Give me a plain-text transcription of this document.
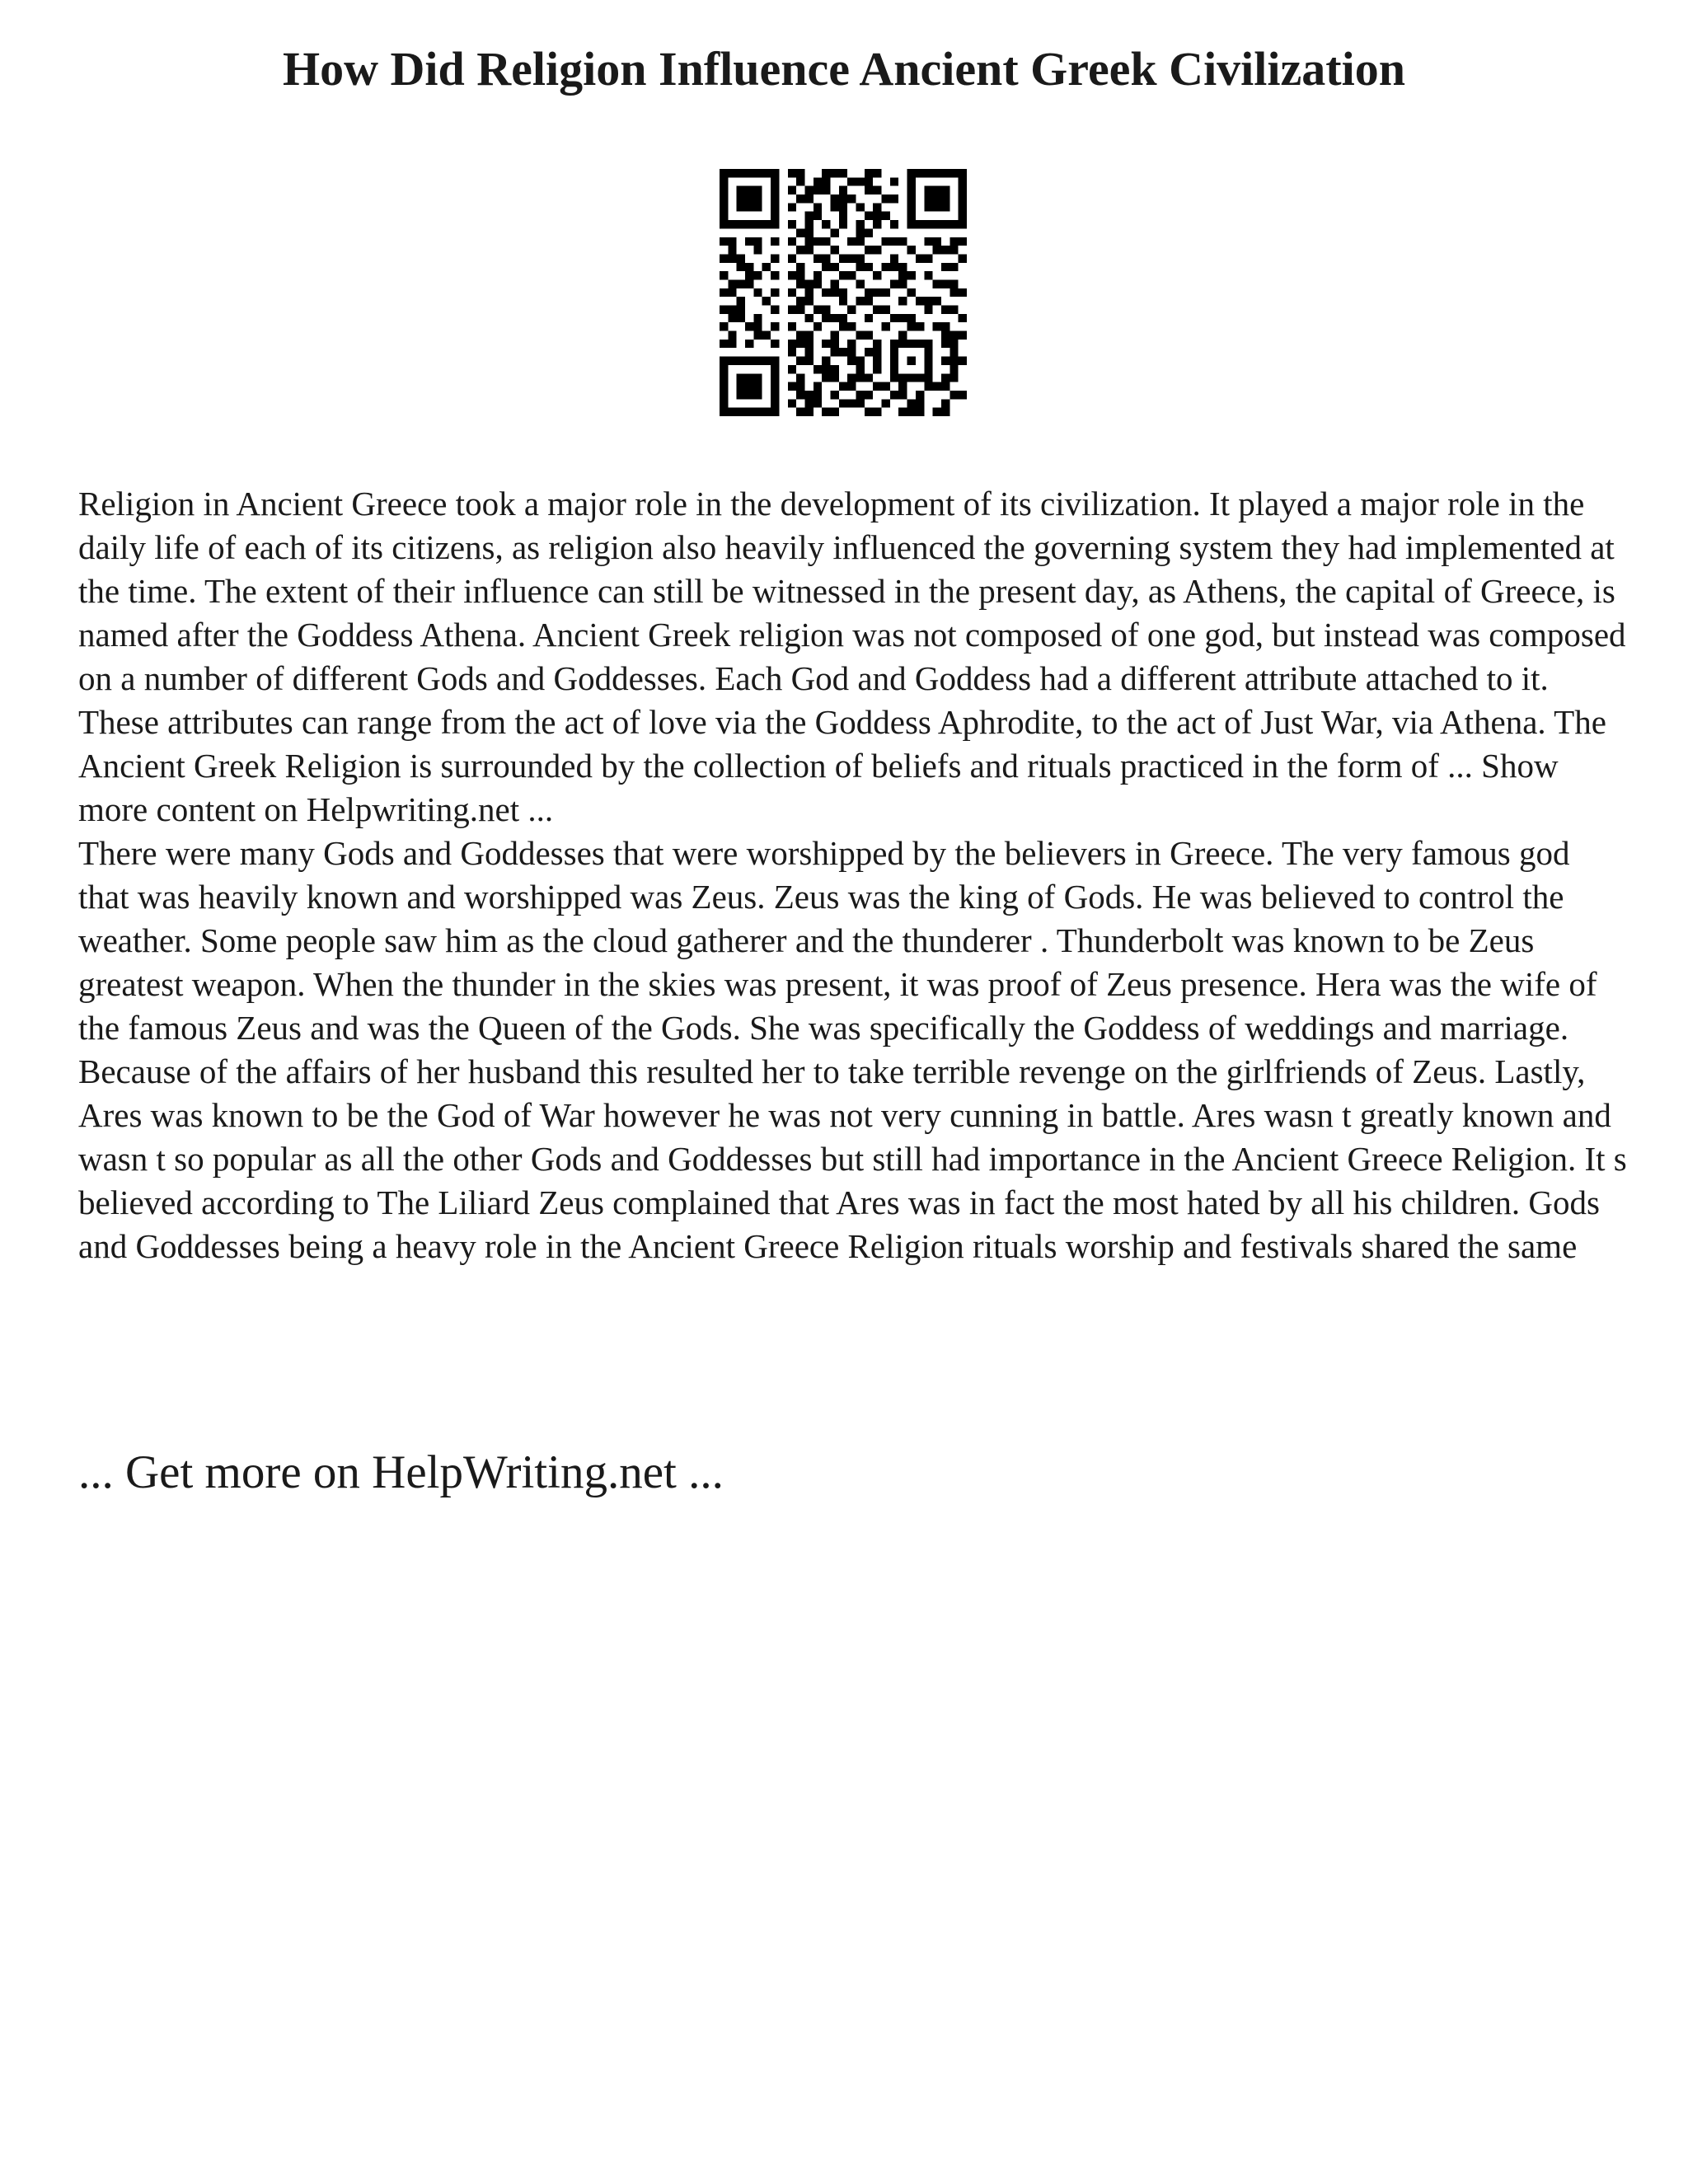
How Did Religion Influence Ancient Greek Civilization

Religion in Ancient Greece took a major role in the development of its civilization. It played a major role in the daily life of each of its citizens, as religion also heavily influenced the governing system they had implemented at the time. The extent of their influence can still be witnessed in the present day, as Athens, the capital of Greece, is named after the Goddess Athena. Ancient Greek religion was not composed of one god, but instead was composed on a number of different Gods and Goddesses. Each God and Goddess had a different attribute attached to it. These attributes can range from the act of love via the Goddess Aphrodite, to the act of Just War, via Athena. The Ancient Greek Religion is surrounded by the collection of beliefs and rituals practiced in the form of ... Show more content on Helpwriting.net ...

There were many Gods and Goddesses that were worshipped by the believers in Greece. The very famous god that was heavily known and worshipped was Zeus. Zeus was the king of Gods. He was believed to control the weather. Some people saw him as the cloud gatherer and the thunderer . Thunderbolt was known to be Zeus greatest weapon. When the thunder in the skies was present, it was proof of Zeus presence. Hera was the wife of the famous Zeus and was the Queen of the Gods. She was specifically the Goddess of weddings and marriage. Because of the affairs of her husband this resulted her to take terrible revenge on the girlfriends of Zeus. Lastly, Ares was known to be the God of War however he was not very cunning in battle. Ares wasn t greatly known and wasn t so popular as all the other Gods and Goddesses but still had importance in the Ancient Greece Religion. It s believed according to The Liliard Zeus complained that Ares was in fact the most hated by all his children. Gods and Goddesses being a heavy role in the Ancient Greece Religion rituals worship and festivals shared the same

... Get more on HelpWriting.net ...
